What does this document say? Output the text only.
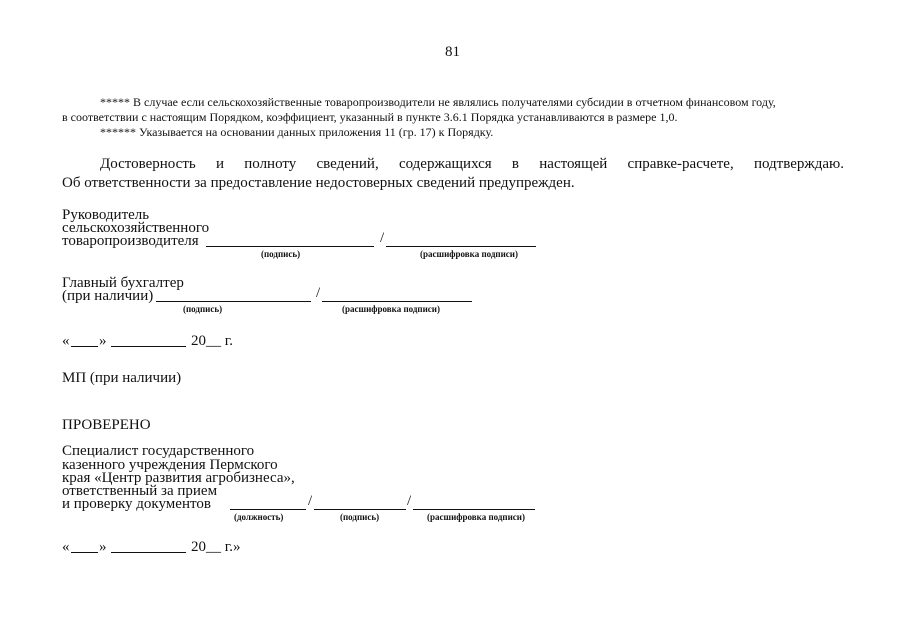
81
***** В случае если сельскохозяйственные товаропроизводители не являлись получателями субсидии в отчетном финансовом году,
в соответствии с настоящим Порядком, коэффициент, указанный в пункте 3.6.1 Порядка устанавливаются в размере 1,0.
****** Указывается на основании данных приложения 11 (гр. 17) к Порядку.
Достоверность и полноту сведений, содержащихся в настоящей справке-расчете, подтверждаю.
Об ответственности за предоставление недостоверных сведений предупрежден.
Руководитель
сельскохозяйственного
товаропроизводителя	/
(подпись)	(расшифровка подписи)
Главный бухгалтер
(при наличии)	/
(подпись)	(расшифровка подписи)
« »	20__ г.
МП (при наличии)
ПРОВЕРЕНО
Специалист государственного
казенного учреждения Пермского
края «Центр развития агробизнеса»,
ответственный за прием
и проверку документов	/	/
(должность)	(подпись)	(расшифровка подписи)
« »	20__ г.»
